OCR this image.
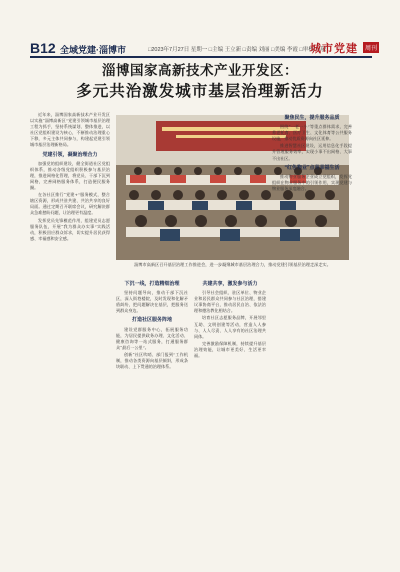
B12 全域党建·淄博市	□2023年7月27日 星期一 □主编 王立新 □责编 刘丽 □美编 李霞 □审校 马敬
城市党建	周刊
淄博国家高新技术产业开发区：
多元共治激发城市基层治理新活力

近年来，淄博国家高新技术产业开发区以实施“淄博高新区”党建引领城市基层治理工程为抓手，坚持系统谋划、整体推进，以社区党组织建设为核心，不断推动治理重心下移，多元主体共同参与，构建起党建引领城市基层治理新格局。

党建引领，凝聚治理合力

加强党的组织建设，健全街道社区党组织体系，推动各级党组织积极参与基层治理，推进网格化管理，将党员、干部下沉到网格，完善网格服务体系，打造便民服务圈。

在各社区推行“党建+”服务模式，整合辖区资源，形成共驻共建、共治共享的良好局面。通过定期召开联席会议，研究解决群众急难愁盼问题，让治理更有温度。

发挥党员先锋模范作用，组建党员志愿服务队伍，开展“我为群众办实事”实践活动，积极回应群众诉求，切实提升居民获得感、幸福感和安全感。

淄博市高新区召开基层治理工作推进会，进一步凝聚城市基层治理合力，推动党建引领基层治理走深走实。
下沉一线，打造精细治理

坚持问题导向，推动干部下沉社区，深入街巷楼院，及时发现和化解矛盾纠纷，把问题解决在基层，把服务送到群众身边。

打造社区服务阵地

建设党群服务中心，拓展服务功能，为居民提供政务办理、文化活动、健康咨询等一站式服务，打通服务群众“最后一公里”。

创新“社区吹哨、部门报到”工作机制，推动各类资源向基层倾斜，形成条块联动、上下贯通的治理体系。

共建共享，激发参与活力

引导社会组织、驻区单位、物业企业和居民群众共同参与社区治理，搭建议事协商平台，推动居民自治、依法治理和德治教化相结合。

培育社区志愿服务品牌，开展邻里互助、文明创建等活动，营造人人参与、人人尽责、人人享有的社区治理共同体。

完善激励保障机制，持续提升基层治理效能，让城市更美好、生活更幸福。

聚焦民生，提升服务品质

围绕“一老一小”等重点群体需求，完善养老托育、医疗卫生、文化体育等公共服务设施，推动优质资源向社区延伸。

推进智慧社区建设，运用信息化手段提升管理服务效率，实现小事不出网格、大事不出社区。

“红色物业”点亮幸福生活

推动物业服务企业成立党组织，发挥党组织在物业服务中的引领作用，实现党建与物业服务深度融合。
